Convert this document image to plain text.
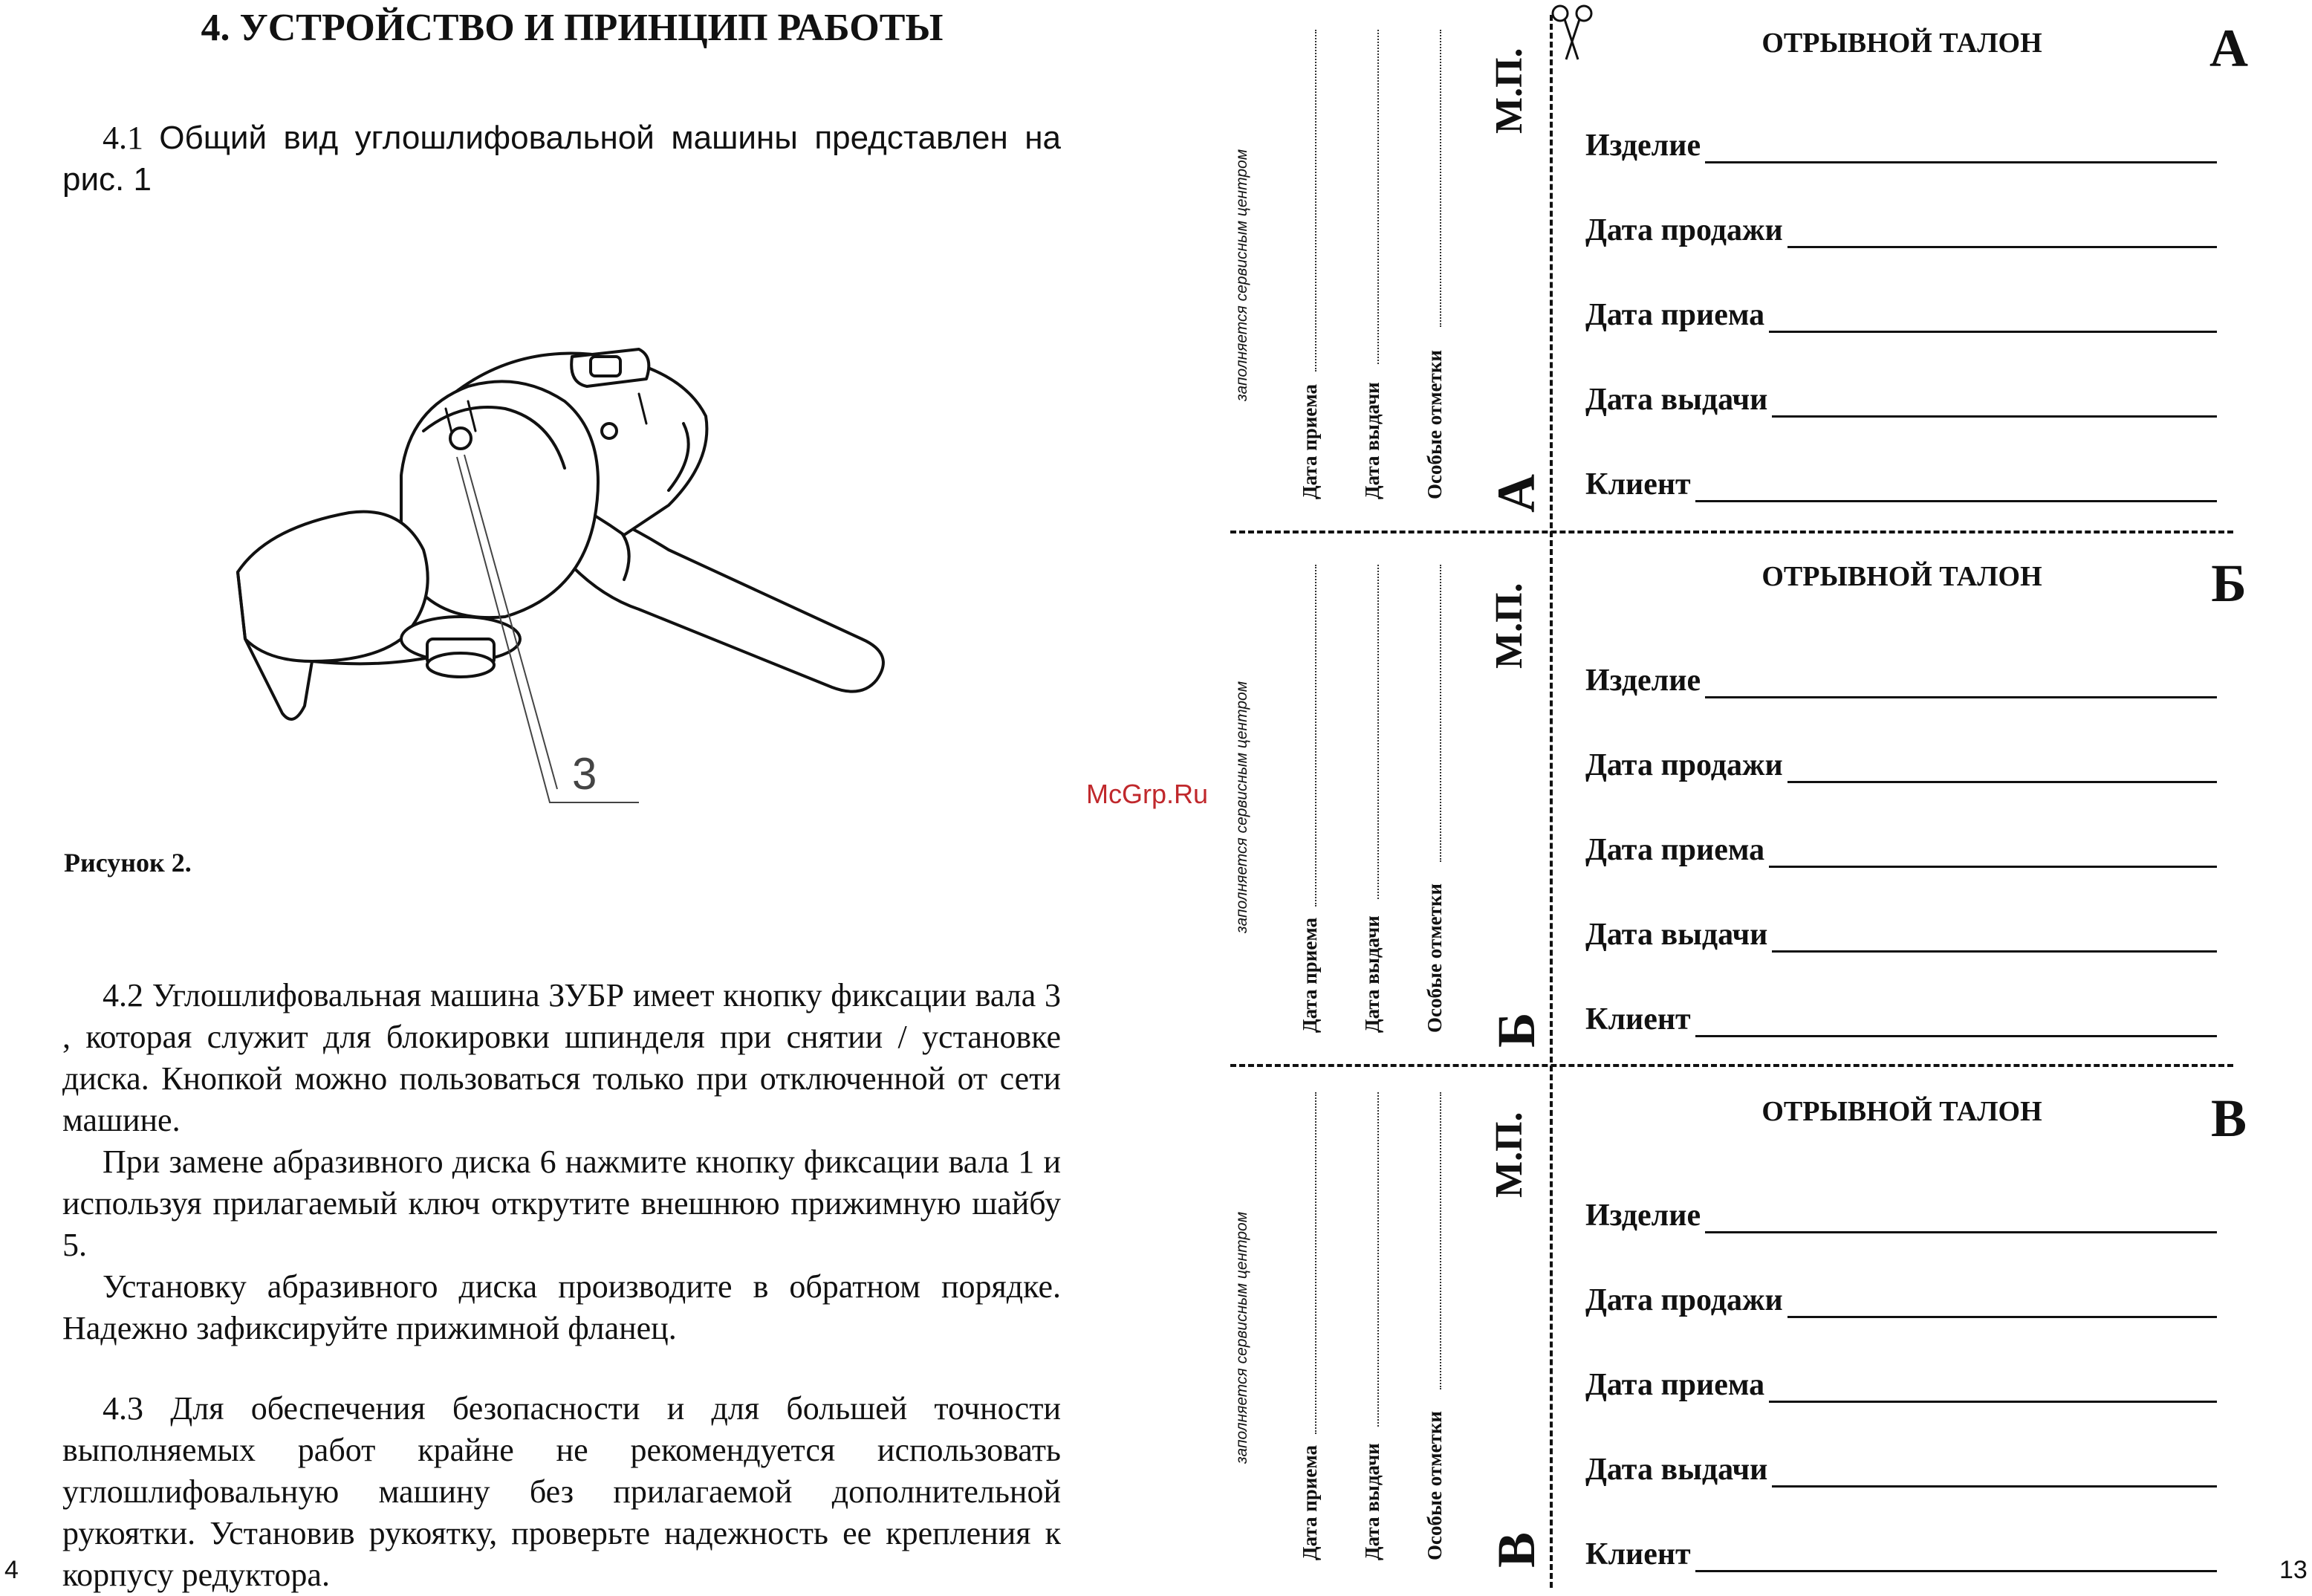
4. УСТРОЙСТВО И ПРИНЦИП РАБОТЫ
4.1 Общий вид углошлифовальной машины представлен на рис. 1
3
Рисунок 2.

4.2 Углошлифовальная машина ЗУБР имеет кнопку фиксации вала 3 , которая служит для блокировки шпинделя при снятии / установке диска. Кнопкой можно пользоваться только при отключенной от сети машине.

При замене абразивного диска 6 нажмите кнопку фиксации вала 1 и используя прилагаемый ключ открутите внешнюю прижимную шайбу 5.

Установку абразивного диска производите в обратном порядке. Надежно зафиксируйте прижимной фланец.

4.3 Для обеспечения безопасности и для большей точности выполняемых работ крайне не рекомендуется использовать углошлифовальную машину без прилагаемой дополнительной рукоятки. Установив рукоятку, проверьте надежность ее крепления к корпусу редуктора.

4
McGrp.Ru
ОТРЫВНОЙ ТАЛОН	А
Изделие
Дата продажи
Дата приема
Дата выдачи
Клиент
заполняется сервисным центром
Дата приема Дата выдачи Особые отметки
М.П.
А
ОТРЫВНОЙ ТАЛОН	Б
Изделие
Дата продажи
Дата приема
Дата выдачи
Клиент
заполняется сервисным центром
Дата приема Дата выдачи Особые отметки
М.П.
Б
ОТРЫВНОЙ ТАЛОН	В
Изделие
Дата продажи
Дата приема
Дата выдачи
Клиент
заполняется сервисным центром
Дата приема Дата выдачи Особые отметки
М.П.
В
13
